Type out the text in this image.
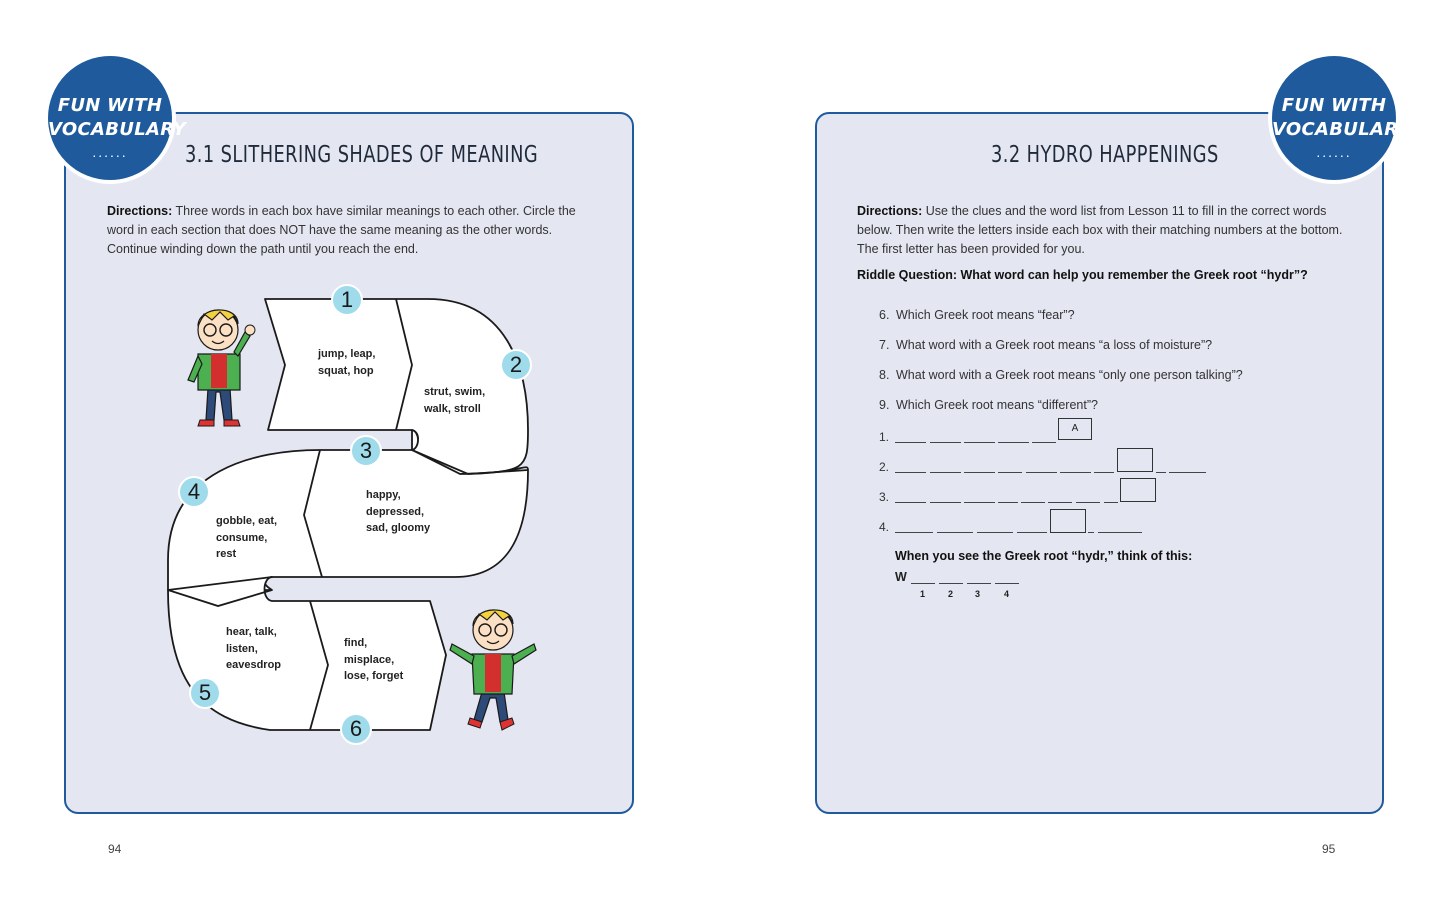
FUN WITH
VOCABULARY
......	3.1 SLITHERING SHADES OF MEANING
Directions: Three words in each box have similar meanings to each other. Circle the word in each section that does NOT have the same meaning as the other words. Continue winding down the path until you reach the end.
jump, leap,
squat, hop
strut, swim,
walk, stroll
happy,
depressed,
sad, gloomy
gobble, eat,
consume,
rest
hear, talk,
listen,
eavesdrop
find,
misplace,
lose, forget
1
2
3
4
5
6
94
FUN WITH
VOCABULARY
......
3.2 HYDRO HAPPENINGS
Directions: Use the clues and the word list from Lesson 11 to fill in the correct words below. Then write the letters inside each box with their matching numbers at the bottom. The first letter has been provided for you.
Riddle Question: What word can help you remember the Greek root “hydr”?
6. Which Greek root means “fear”?
7. What word with a Greek root means “a loss of moisture”?
8. What word with a Greek root means “only one person talking”?
9. Which Greek root means “different”?
1.
2.
3.
4.
A
When you see the Greek root “hydr,” think of this:
W
1	2 3	4
95
